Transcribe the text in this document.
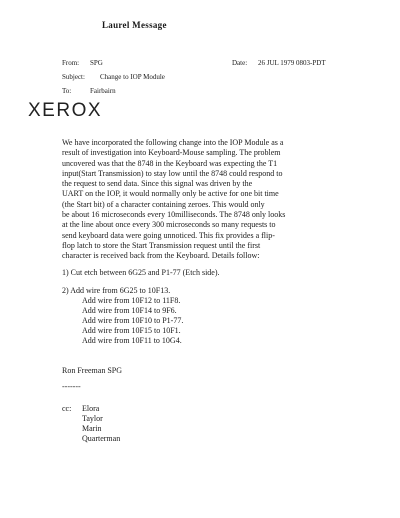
Laurel Message
From: SPG	Date: 26 JUL 1979 0803-PDT
Subject: Change to IOP Module
To:	Fairbairn
XEROX
We have incorporated the following change into the IOP Module as a
result of investigation into Keyboard-Mouse sampling. The problem
uncovered was that the 8748 in the Keyboard was expecting the T1
input(Start Transmission) to stay low until the 8748 could respond to
the request to send data. Since this signal was driven by the
UART on the IOP, it would normally only be active for one bit time
(the Start bit) of a character containing zeroes. This would only
be about 16 microseconds every 10milliseconds. The 8748 only looks
at the line about once every 300 microseconds so many requests to
send keyboard data were going unnoticed. This fix provides a flip-
flop latch to store the Start Transmission request until the first
character is received back from the Keyboard. Details follow:
1) Cut etch between 6G25 and P1-77 (Etch side).
2) Add wire from 6G25 to 10F13.
Add wire from 10F12 to 11F8.
Add wire from 10F14 to 9F6.
Add wire from 10F10 to P1-77.
Add wire from 10F15 to 10F1.
Add wire from 10F11 to 10G4.
Ron Freeman SPG
-------
cc: Elora
Taylor
Marin
Quarterman
